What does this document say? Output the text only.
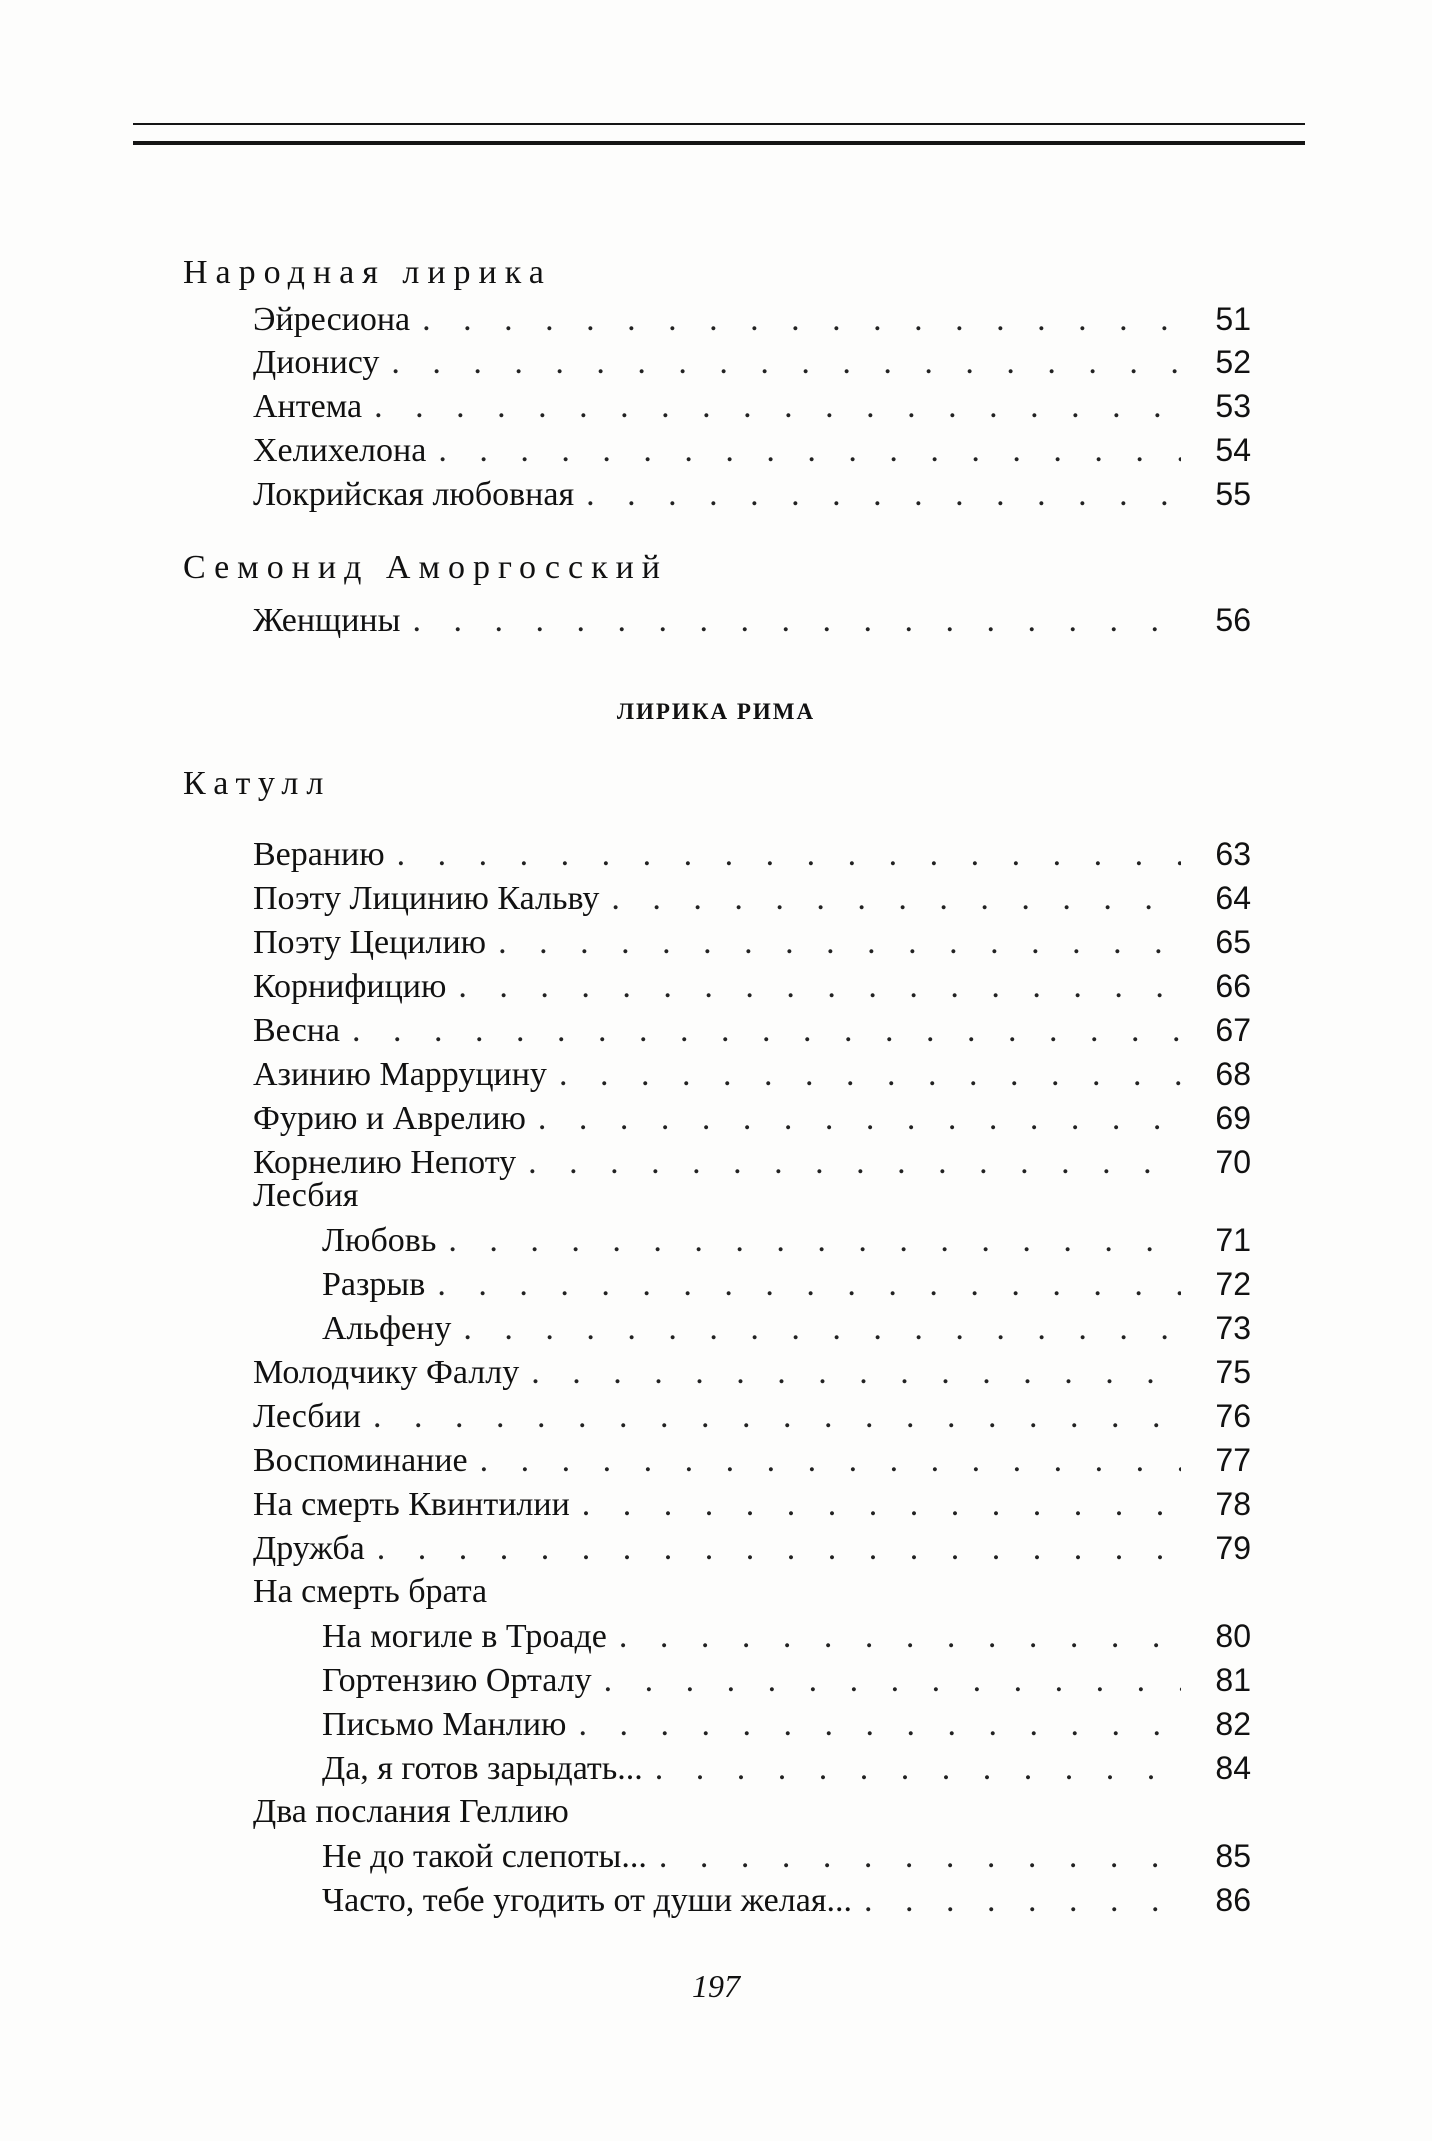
Народная лирика
Эйресиона . . .	51
Дионису . . .	52
Антема . . .	53
Хелихелона . . .	54
Локрийская любовная . . .	55
Семонид Аморгосский
Женщины . . .	56
ЛИРИКА РИМА
Катулл
Веранию . . .	63
Поэту Лицинию Кальву . . .	64
Поэту Цецилию . . .	65
Корнифицию . . .	66
Весна . . .	67
Азинию Марруцину . . .	68
Фурию и Аврелию . . .	69
Корнелию Непоту . . .	70
Лесбия
Любовь . . .	71
Разрыв . . .	72
Альфену . . .	73
Молодчику Фаллу . . .	75
Лесбии . . .	76
Воспоминание . . .	77
На смерть Квинтилии . . .	78
Дружба . . .	79
На смерть брата
На могиле в Троаде . . .	80
Гортензию Орталу . . .	81
Письмо Манлию . . .	82
Да, я готов зарыдать... . . .	84
Два послания Геллию
Не до такой слепоты... . . .	85
Часто, тебе угодить от души желая... . . .	86
197
